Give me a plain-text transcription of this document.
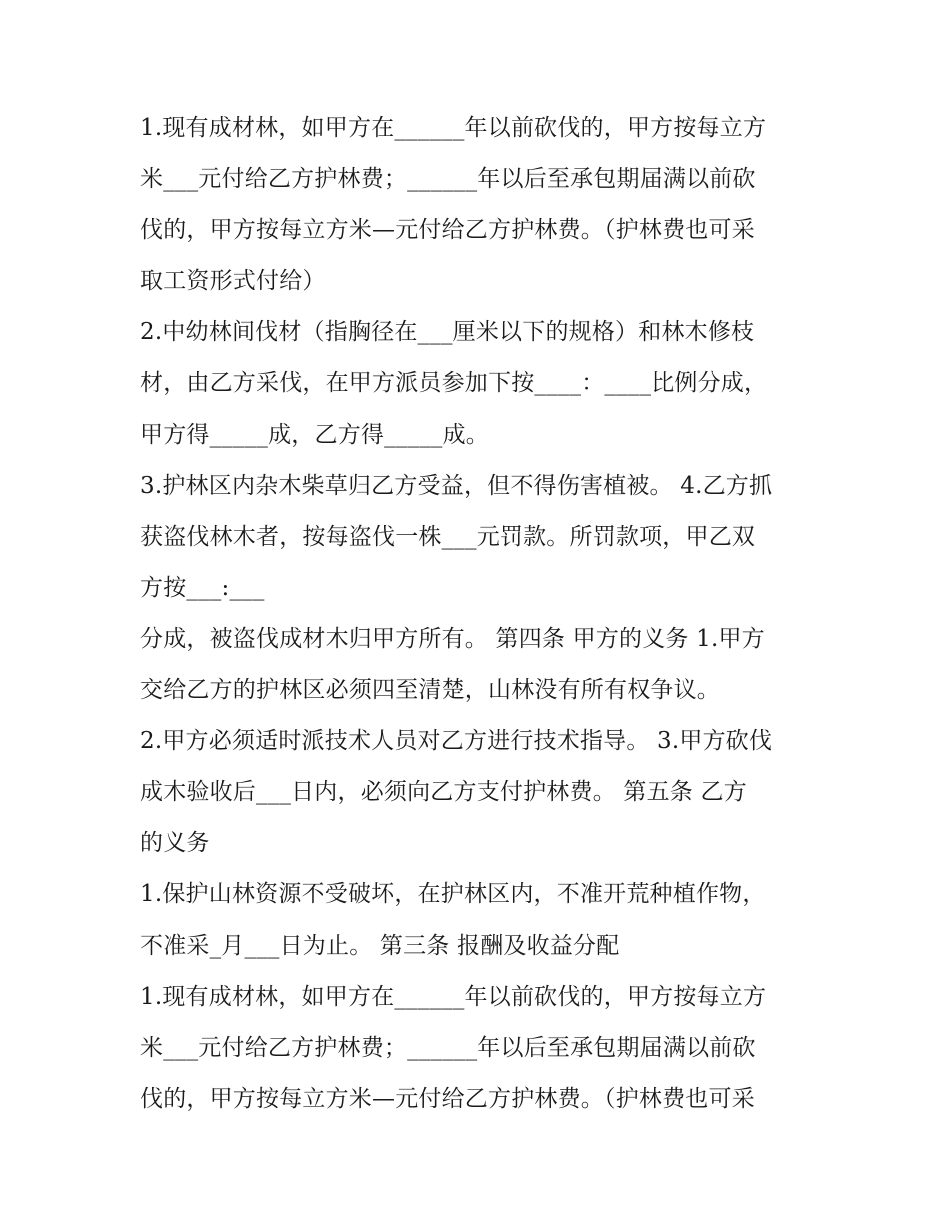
1.现有成材林，如甲方在______年以前砍伐的，甲方按每立方
米___元付给乙方护林费；______年以后至承包期届满以前砍
伐的，甲方按每立方米—元付给乙方护林费。（护林费也可采
取工资形式付给）
2.中幼林间伐材（指胸径在___厘米以下的规格）和林木修枝
材，由乙方采伐，在甲方派员参加下按____：____比例分成，
甲方得_____成，乙方得_____成。
3.护林区内杂木柴草归乙方受益，但不得伤害植被。 4.乙方抓
获盗伐林木者，按每盗伐一株___元罚款。所罚款项，甲乙双
方按___:___
分成，被盗伐成材木归甲方所有。 第四条 甲方的义务 1.甲方
交给乙方的护林区必须四至清楚，山林没有所有权争议。
2.甲方必须适时派技术人员对乙方进行技术指导。 3.甲方砍伐
成木验收后___日内，必须向乙方支付护林费。 第五条 乙方
的义务
1.保护山林资源不受破坏，在护林区内，不准开荒种植作物，
不准采_月___日为止。 第三条 报酬及收益分配
1.现有成材林，如甲方在______年以前砍伐的，甲方按每立方
米___元付给乙方护林费；______年以后至承包期届满以前砍
伐的，甲方按每立方米—元付给乙方护林费。（护林费也可采
